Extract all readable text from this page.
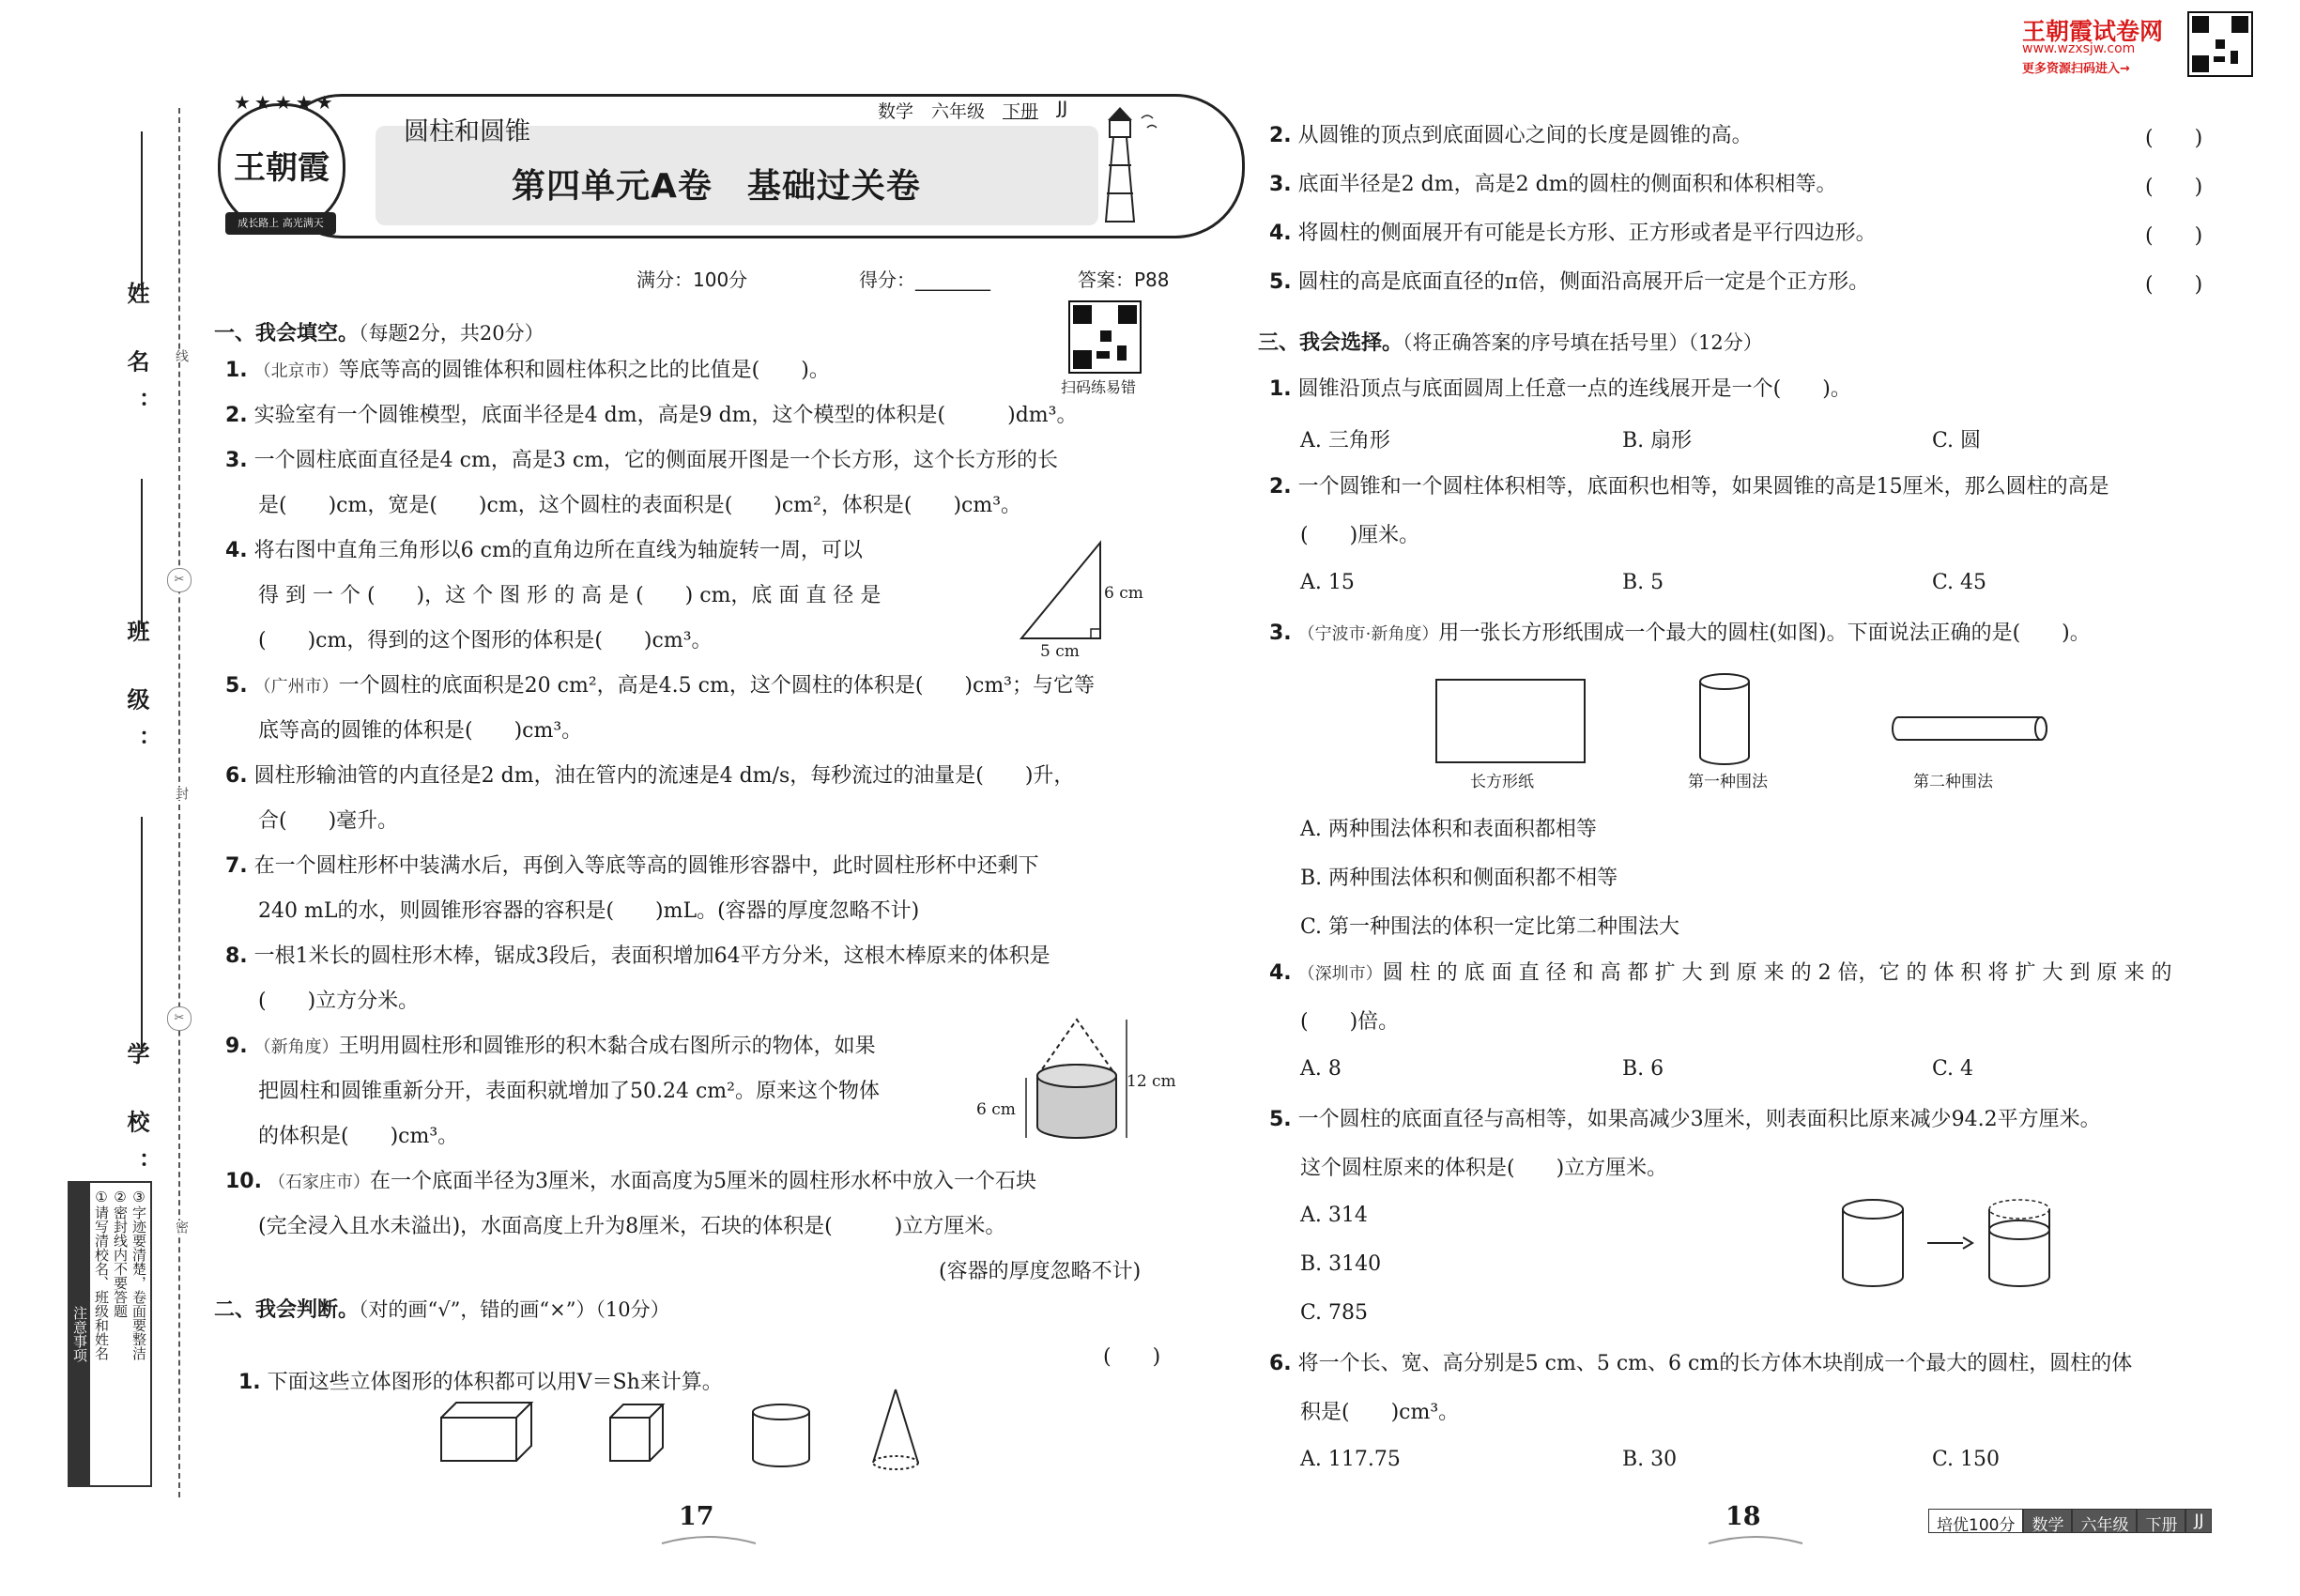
王朝霞试卷网
www.wzxsjw.com
更多资源扫码进入→
姓 名：
班 级：
学 校：
线
✂
封
✂
密
注意事项 ①请写清校名、班级和姓名 ②密封线内不要答题 ③字迹要清楚，卷面要整洁
王朝霞
★★★★★
成长路上 高光满天
圆柱和圆锥
数学 六年级 下册 JJ
第四单元A卷　基础过关卷
满分：100分	得分：________	答案：P88
扫码练易错
一、我会填空。（每题2分，共20分）
1. （北京市）等底等高的圆锥体积和圆柱体积之比的比值是(　　)。
2. 实验室有一个圆锥模型，底面半径是4 dm，高是9 dm，这个模型的体积是(　　　)dm³。
3. 一个圆柱底面直径是4 cm，高是3 cm，它的侧面展开图是一个长方形，这个长方形的长
是(　　)cm，宽是(　　)cm，这个圆柱的表面积是(　　)cm²，体积是(　　)cm³。
4. 将右图中直角三角形以6 cm的直角边所在直线为轴旋转一周，可以
得 到 一 个 (　　)，这 个 图 形 的 高 是 (　　) cm，底 面 直 径 是
(　　)cm，得到的这个图形的体积是(　　)cm³。
5. （广州市）一个圆柱的底面积是20 cm²，高是4.5 cm，这个圆柱的体积是(　　)cm³；与它等
底等高的圆锥的体积是(　　)cm³。
6. 圆柱形输油管的内直径是2 dm，油在管内的流速是4 dm/s，每秒流过的油量是(　　)升，
合(　　)毫升。
7. 在一个圆柱形杯中装满水后，再倒入等底等高的圆锥形容器中，此时圆柱形杯中还剩下
240 mL的水，则圆锥形容器的容积是(　　)mL。(容器的厚度忽略不计)
8. 一根1米长的圆柱形木棒，锯成3段后，表面积增加64平方分米，这根木棒原来的体积是
(　　)立方分米。
9. （新角度）王明用圆柱形和圆锥形的积木黏合成右图所示的物体，如果
把圆柱和圆锥重新分开，表面积就增加了50.24 cm²。原来这个物体
的体积是(　　)cm³。
10. （石家庄市）在一个底面半径为3厘米，水面高度为5厘米的圆柱形水杯中放入一个石块
(完全浸入且水未溢出)，水面高度上升为8厘米，石块的体积是(　　　)立方厘米。
(容器的厚度忽略不计)
6 cm
5 cm
12 cm
6 cm
二、我会判断。（对的画“√”，错的画“×”）（10分）

1. 下面这些立体图形的体积都可以用V＝Sh来计算。

(　　)
17
2. 从圆锥的顶点到底面圆心之间的长度是圆锥的高。	(　　)
3. 底面半径是2 dm，高是2 dm的圆柱的侧面积和体积相等。	(　　)
4. 将圆柱的侧面展开有可能是长方形、正方形或者是平行四边形。	(　　)
5. 圆柱的高是底面直径的π倍，侧面沿高展开后一定是个正方形。	(　　)
三、我会选择。（将正确答案的序号填在括号里）（12分）
1. 圆锥沿顶点与底面圆周上任意一点的连线展开是一个(　　)。
A. 三角形	B. 扇形	C. 圆
2. 一个圆锥和一个圆柱体积相等，底面积也相等，如果圆锥的高是15厘米，那么圆柱的高是
(　　)厘米。
A. 15	B. 5	C. 45
3. （宁波市·新角度）用一张长方形纸围成一个最大的圆柱(如图)。下面说法正确的是(　　)。
长方形纸	第一种围法	第二种围法
A. 两种围法体积和表面积都相等
B. 两种围法体积和侧面积都不相等
C. 第一种围法的体积一定比第二种围法大
4. （深圳市）圆 柱 的 底 面 直 径 和 高 都 扩 大 到 原 来 的 2 倍，它 的 体 积 将 扩 大 到 原 来 的
(　　)倍。
A. 8	B. 6	C. 4
5. 一个圆柱的底面直径与高相等，如果高减少3厘米，则表面积比原来减少94.2平方厘米。
这个圆柱原来的体积是(　　)立方厘米。
A. 314
B. 3140
C. 785
6. 将一个长、宽、高分别是5 cm、5 cm、6 cm的长方体木块削成一个最大的圆柱，圆柱的体
积是(　　)cm³。
A. 117.75	B. 30	C. 150
18	培优100分	数学	六年级	下册	JJ
